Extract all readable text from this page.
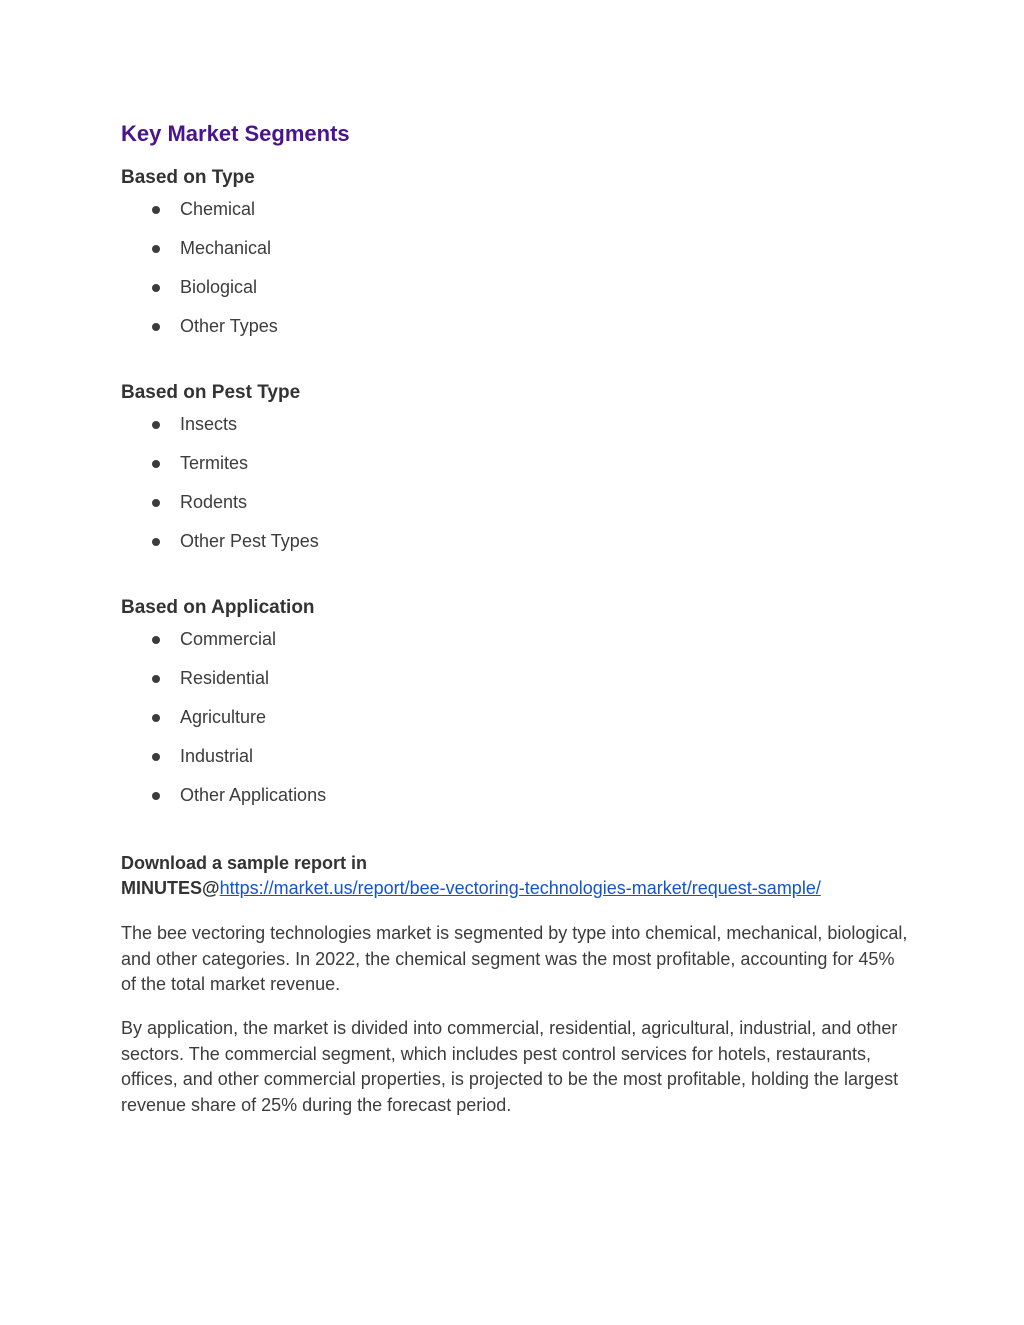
Key Market Segments
Based on Type
Chemical
Mechanical
Biological
Other Types
Based on Pest Type
Insects
Termites
Rodents
Other Pest Types
Based on Application
Commercial
Residential
Agriculture
Industrial
Other Applications
Download a sample report in
MINUTES@https://market.us/report/bee-vectoring-technologies-market/request-sample/

The bee vectoring technologies market is segmented by type into chemical, mechanical, biological, and other categories. In 2022, the chemical segment was the most profitable, accounting for 45% of the total market revenue.

By application, the market is divided into commercial, residential, agricultural, industrial, and other sectors. The commercial segment, which includes pest control services for hotels, restaurants, offices, and other commercial properties, is projected to be the most profitable, holding the largest revenue share of 25% during the forecast period.
